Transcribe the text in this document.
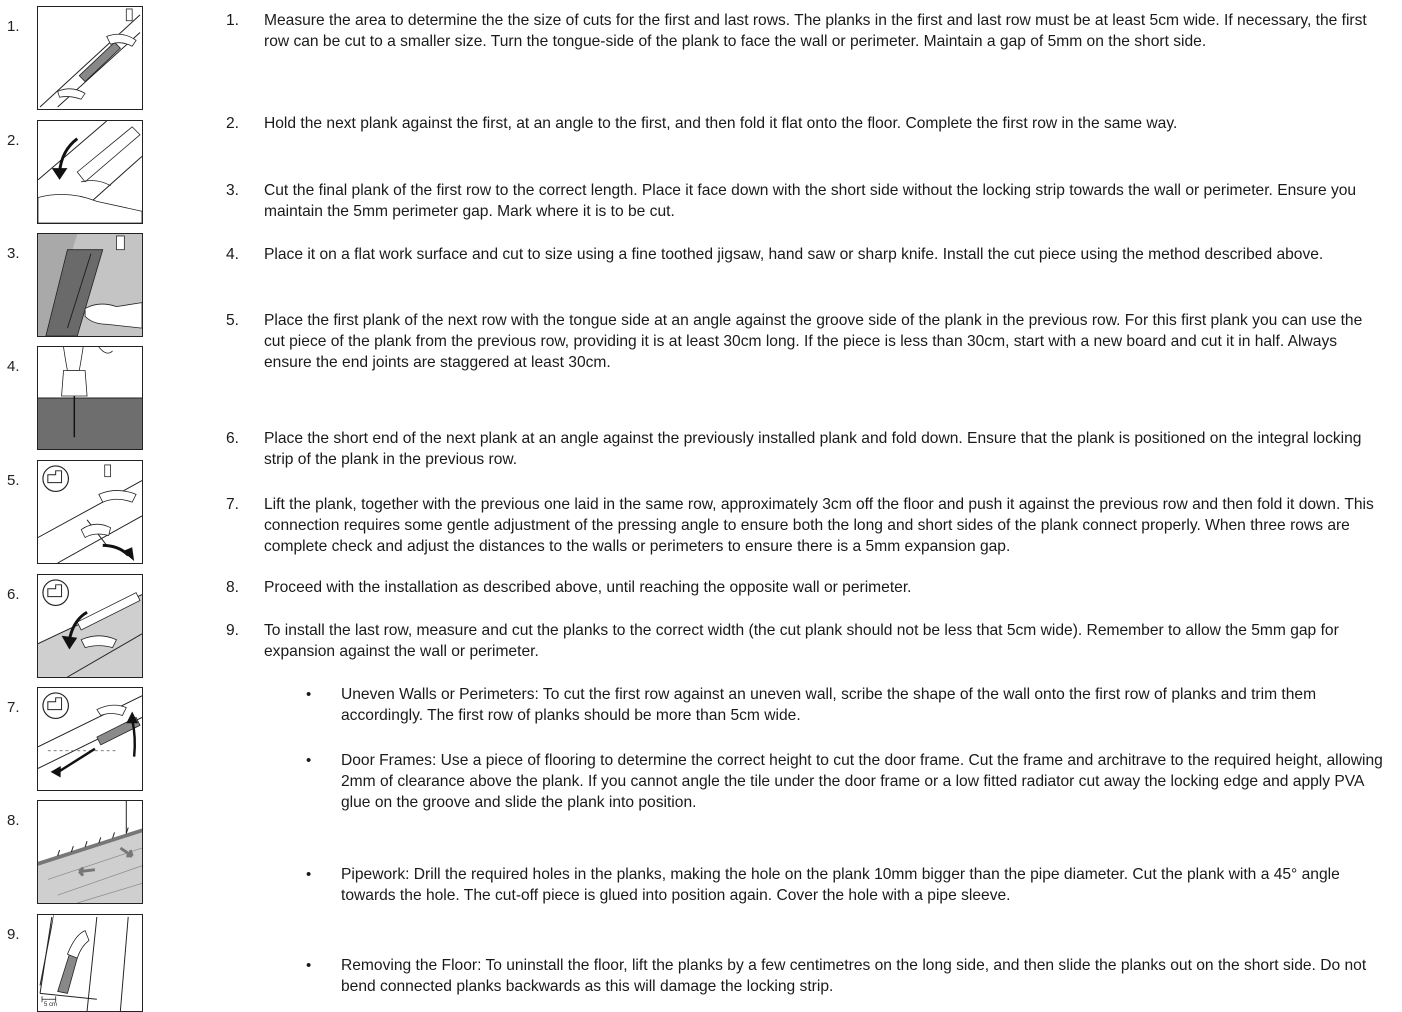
1.
2.
3.
4.
5.
6.
7.
8.
9.
5 cm
1. Measure the area to determine the the size of cuts for the first and last rows. The planks in the first and last row must be at least 5cm wide. If necessary, the first row can be cut to a smaller size. Turn the tongue-side of the plank to face the wall or perimeter. Maintain a gap of 5mm on the short side.
2. Hold the next plank against the first, at an angle to the first, and then fold it flat onto the floor. Complete the first row in the same way.
3. Cut the final plank of the first row to the correct length. Place it face down with the short side without the locking strip towards the wall or perimeter. Ensure you maintain the 5mm perimeter gap. Mark where it is to be cut.
4. Place it on a flat work surface and cut to size using a fine toothed jigsaw, hand saw or sharp knife. Install the cut piece using the method described above.
5. Place the first plank of the next row with the tongue side at an angle against the groove side of the plank in the previous row. For this first plank you can use the cut piece of the plank from the previous row, providing it is at least 30cm long. If the piece is less than 30cm, start with a new board and cut it in half. Always ensure the end joints are staggered at least 30cm.
6. Place the short end of the next plank at an angle against the previously installed plank and fold down. Ensure that the plank is positioned on the integral locking strip of the plank in the previous row.
7. Lift the plank, together with the previous one laid in the same row, approximately 3cm off the floor and push it against the previous row and then fold it down. This connection requires some gentle adjustment of the pressing angle to ensure both the long and short sides of the plank connect properly. When three rows are complete check and adjust the distances to the walls or perimeters to ensure there is a 5mm expansion gap.
8. Proceed with the installation as described above, until reaching the opposite wall or perimeter.
9. To install the last row, measure and cut the planks to the correct width (the cut plank should not be less that 5cm wide). Remember to allow the 5mm gap for expansion against the wall or perimeter.
• Uneven Walls or Perimeters: To cut the first row against an uneven wall, scribe the shape of the wall onto the first row of planks and trim them accordingly. The first row of planks should be more than 5cm wide.
• Door Frames: Use a piece of flooring to determine the correct height to cut the door frame. Cut the frame and architrave to the required height, allowing 2mm of clearance above the plank. If you cannot angle the tile under the door frame or a low fitted radiator cut away the locking edge and apply PVA glue on the groove and slide the plank into position.
• Pipework: Drill the required holes in the planks, making the hole on the plank 10mm bigger than the pipe diameter. Cut the plank with a 45° angle towards the hole. The cut-off piece is glued into position again. Cover the hole with a pipe sleeve.
• Removing the Floor: To uninstall the floor, lift the planks by a few centimetres on the long side, and then slide the planks out on the short side. Do not bend connected planks backwards as this will damage the locking strip.
